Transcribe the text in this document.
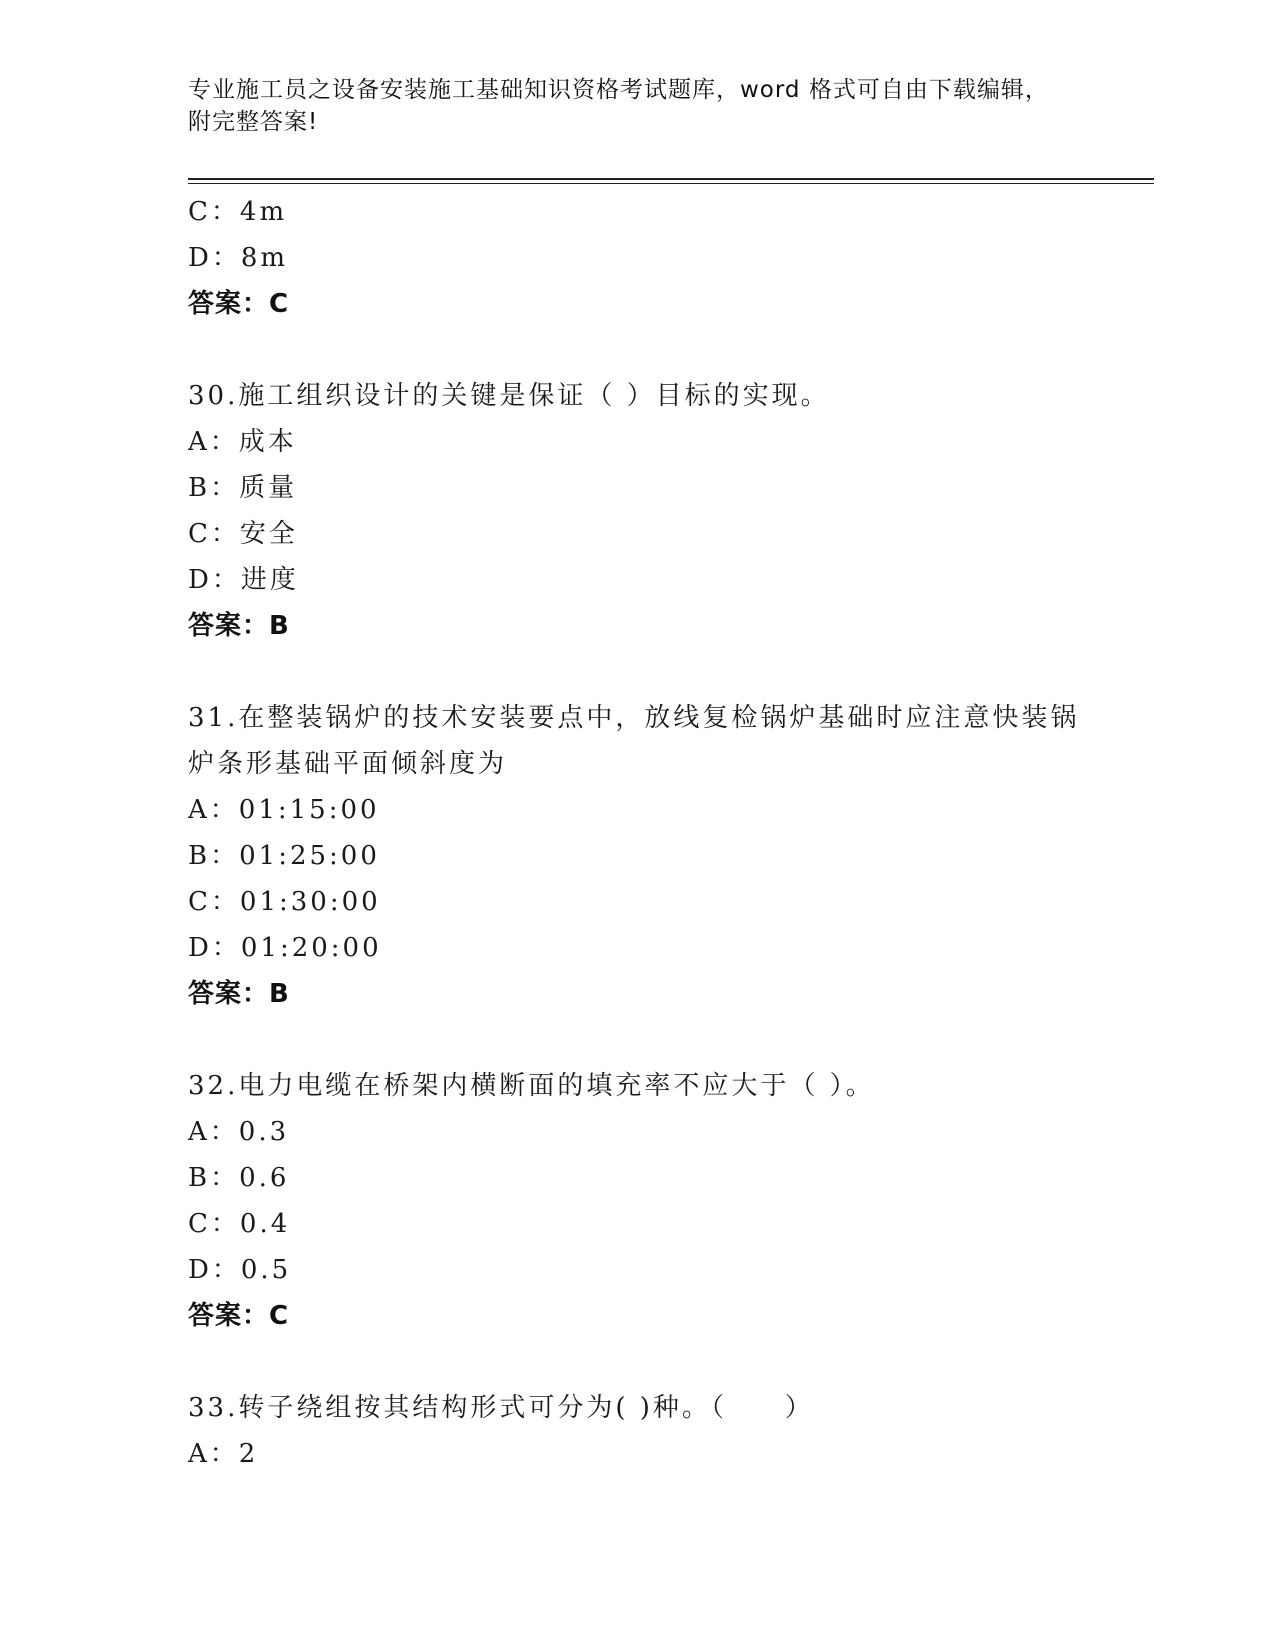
专业施工员之设备安装施工基础知识资格考试题库，word 格式可自由下载编辑，
附完整答案!
C：4m
D：8m
答案：C
30.施工组织设计的关键是保证（ ）目标的实现。
A：成本
B：质量
C：安全
D：进度
答案：B
31.在整装锅炉的技术安装要点中，放线复检锅炉基础时应注意快装锅
炉条形基础平面倾斜度为
A：01:15:00
B：01:25:00
C：01:30:00
D：01:20:00
答案：B
32.电力电缆在桥架内横断面的填充率不应大于（ ）。
A：0.3
B：0.6
C：0.4
D：0.5
答案：C
33.转子绕组按其结构形式可分为( )种。（　　）
A：2
